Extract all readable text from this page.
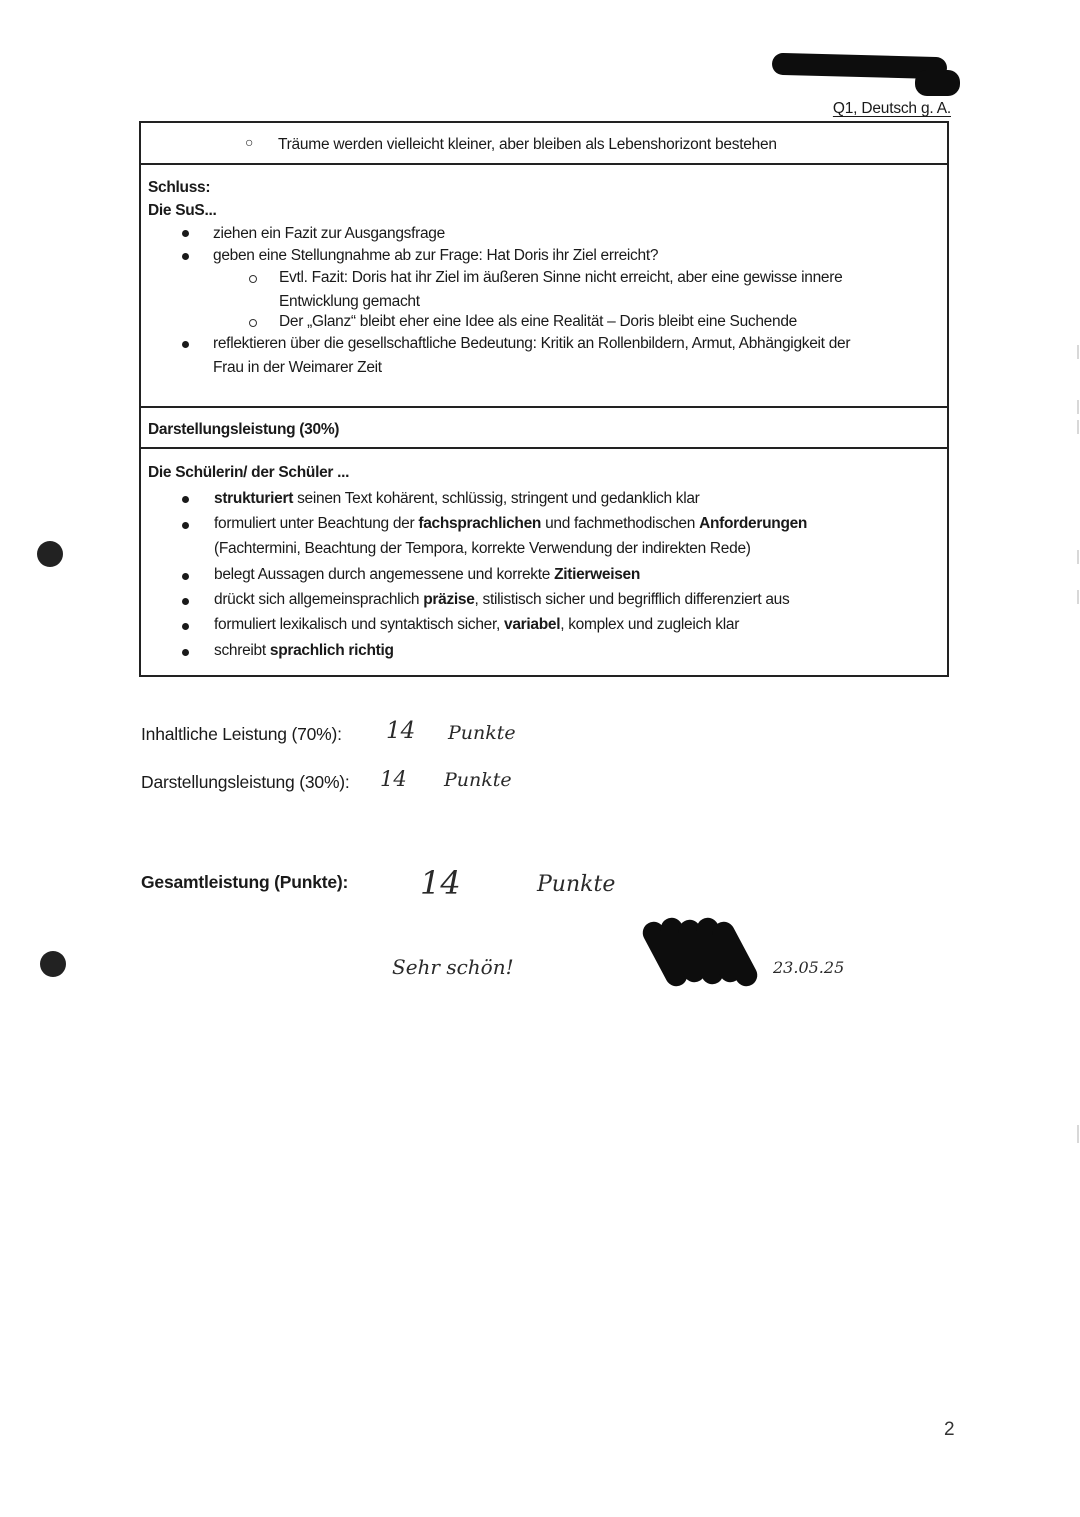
Q1, Deutsch g. A.
○ Träume werden vielleicht kleiner, aber bleiben als Lebenshorizont bestehen
Schluss:
Die SuS...
ziehen ein Fazit zur Ausgangsfrage
geben eine Stellungnahme ab zur Frage: Hat Doris ihr Ziel erreicht?
Evtl. Fazit: Doris hat ihr Ziel im äußeren Sinne nicht erreicht, aber eine gewisse innere
Entwicklung gemacht
Der „Glanz“ bleibt eher eine Idee als eine Realität – Doris bleibt eine Suchende
reflektieren über die gesellschaftliche Bedeutung: Kritik an Rollenbildern, Armut, Abhängigkeit der
Frau in der Weimarer Zeit
Darstellungsleistung (30%)
Die Schülerin/ der Schüler ...
strukturiert seinen Text kohärent, schlüssig, stringent und gedanklich klar
formuliert unter Beachtung der fachsprachlichen und fachmethodischen Anforderungen
(Fachtermini, Beachtung der Tempora, korrekte Verwendung der indirekten Rede)
belegt Aussagen durch angemessene und korrekte Zitierweisen
drückt sich allgemeinsprachlich präzise, stilistisch sicher und begrifflich differenziert aus
formuliert lexikalisch und syntaktisch sicher, variabel, komplex und zugleich klar
schreibt sprachlich richtig
Inhaltliche Leistung (70%): 14 Punkte
Darstellungsleistung (30%): 14 Punkte
Gesamtleistung (Punkte): 14	Punkte
Sehr schön!	23.05.25
2
